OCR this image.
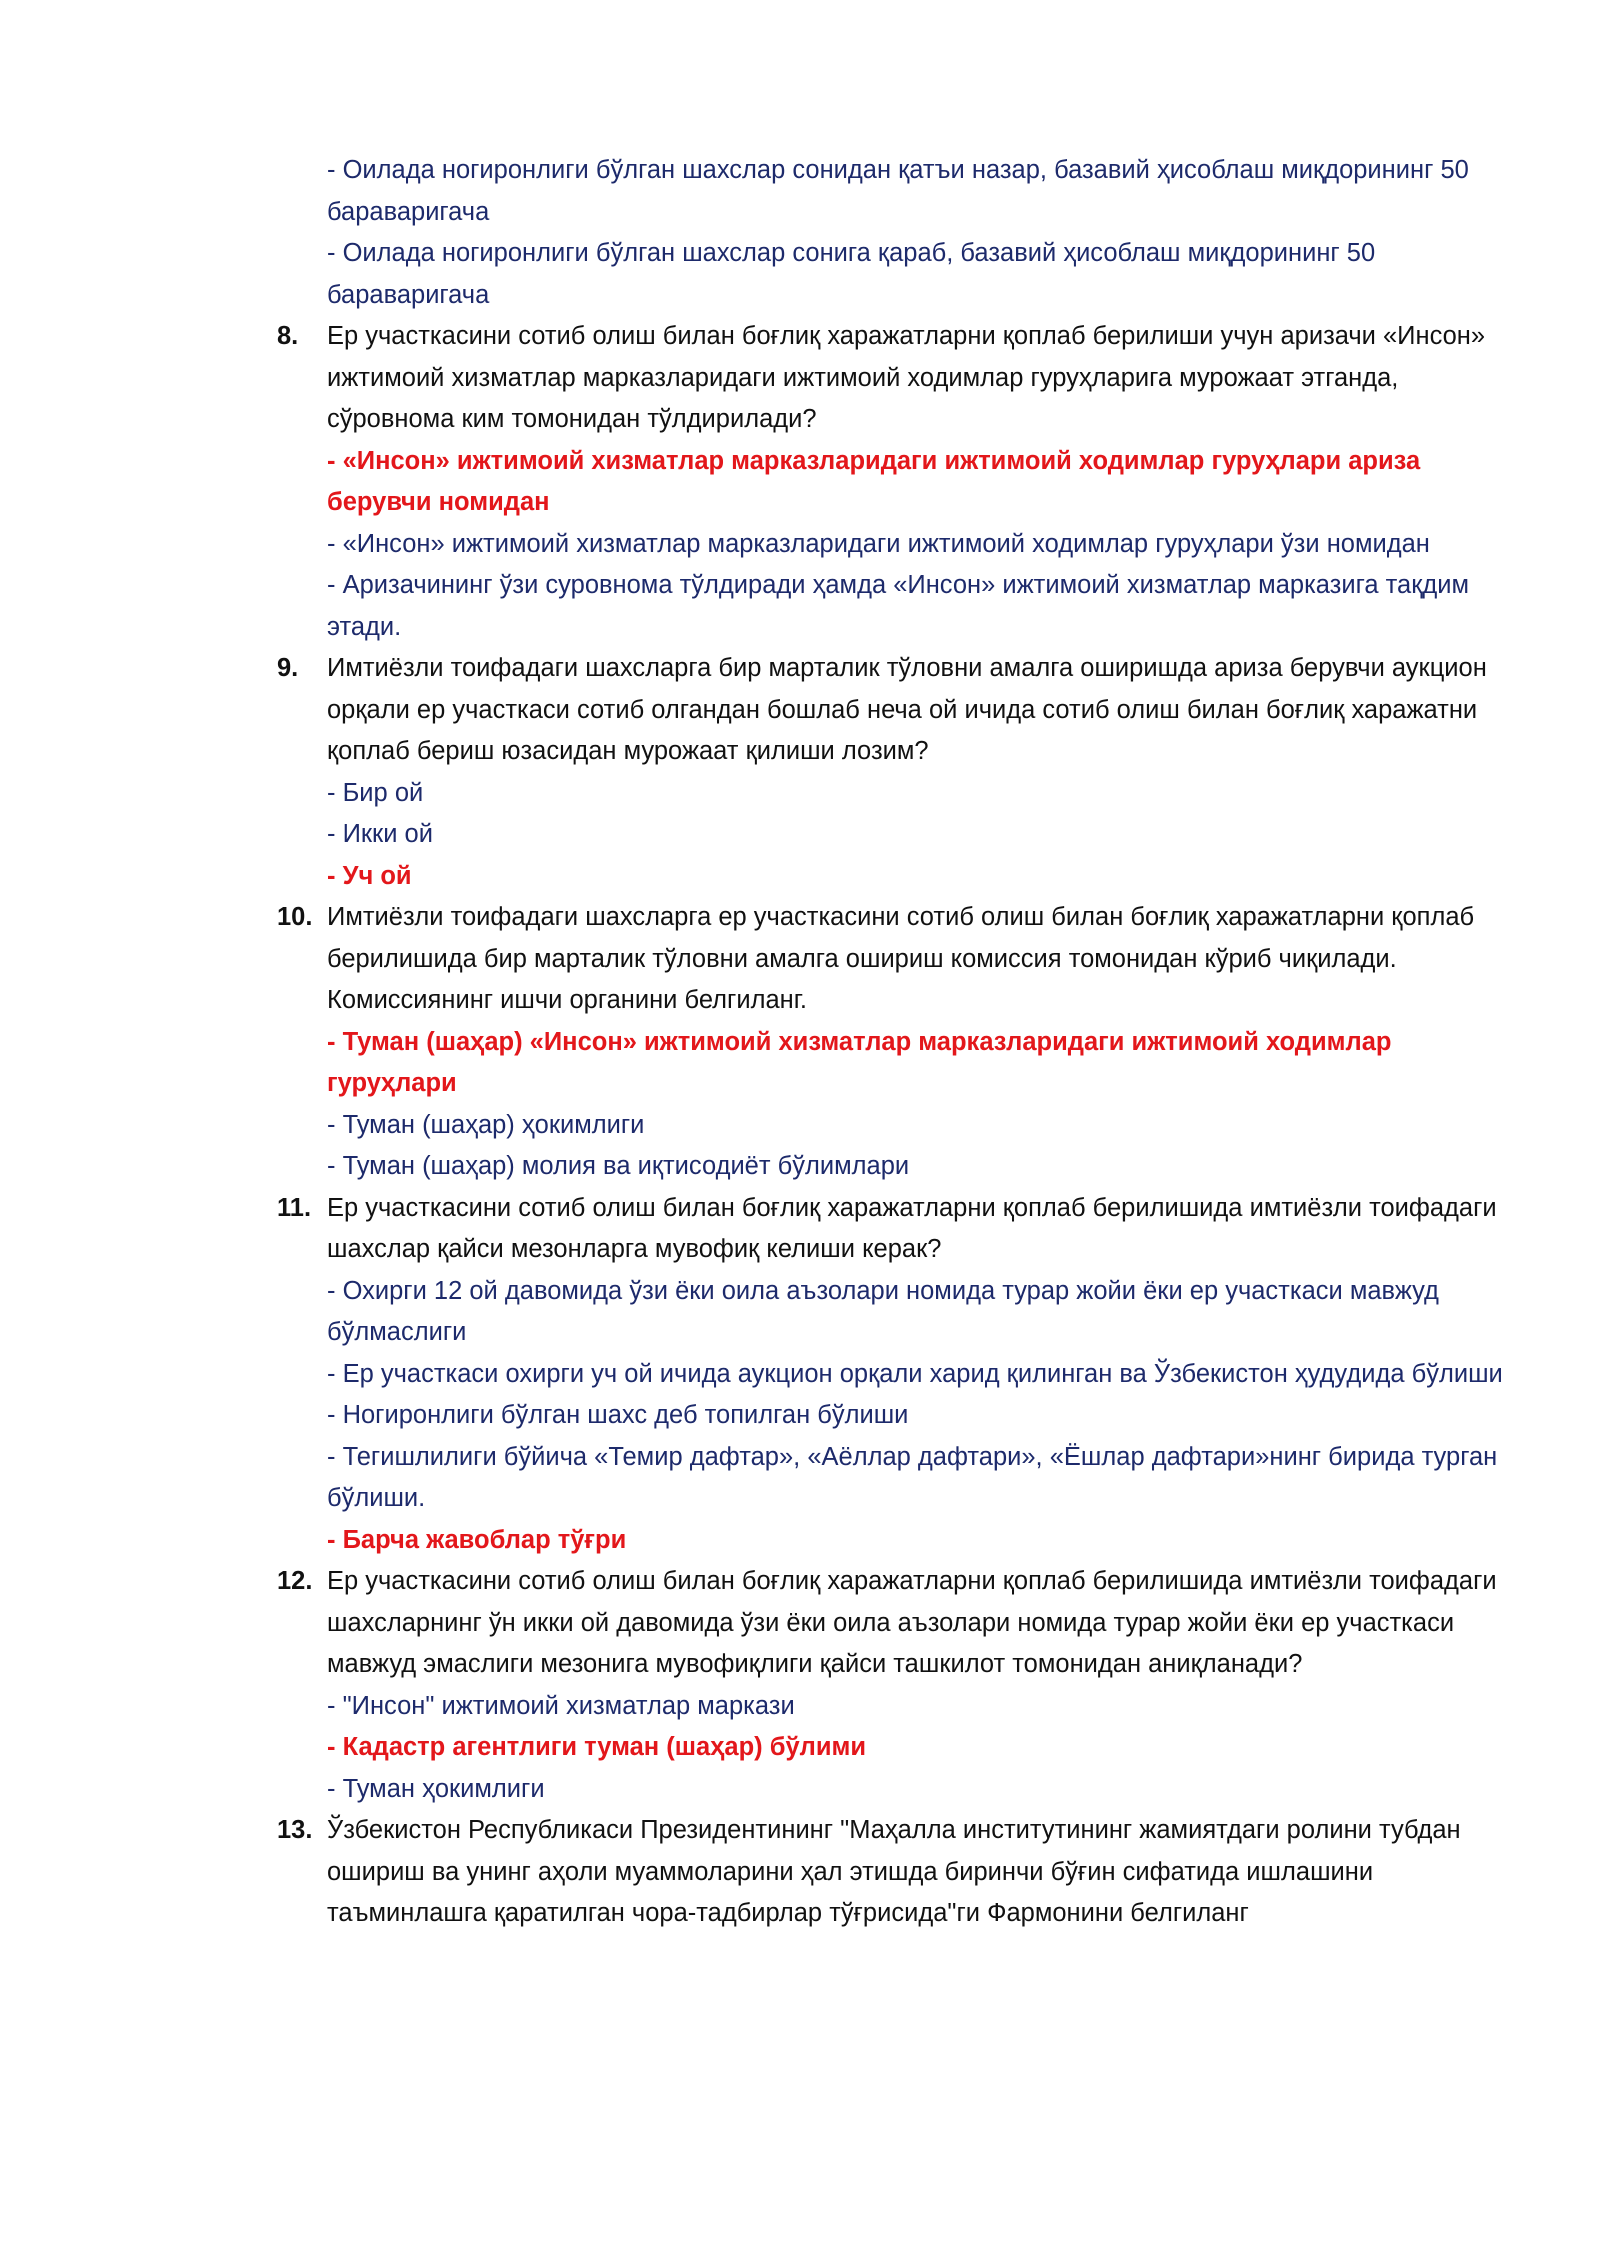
- Оилада ногиронлиги бўлган шахслар сонидан қатъи назар, базавий ҳисоблаш миқдорининг 50 бараваригача
- Оилада ногиронлиги бўлган шахслар сонига қараб, базавий ҳисоблаш миқдорининг 50 бараваригача
8. Ер участкасини сотиб олиш билан боғлиқ харажатларни қоплаб берилиши учун аризачи «Инсон» ижтимоий хизматлар марказларидаги ижтимоий ходимлар гуруҳларига мурожаат этганда, сўровнома ким томонидан тўлдирилади?
- «Инсон» ижтимоий хизматлар марказларидаги ижтимоий ходимлар гуруҳлари ариза берувчи номидан
- «Инсон» ижтимоий хизматлар марказларидаги ижтимоий ходимлар гуруҳлари ўзи номидан
- Аризачининг ўзи суровнома тўлдиради ҳамда «Инсон» ижтимоий хизматлар марказига тақдим этади.
9. Имтиёзли тоифадаги шахсларга бир марталик тўловни амалга оширишда ариза берувчи аукцион орқали ер участкаси сотиб олгандан бошлаб неча ой ичида сотиб олиш билан боғлиқ харажатни қоплаб бериш юзасидан мурожаат қилиши лозим?
- Бир ой
- Икки ой
- Уч ой
10. Имтиёзли тоифадаги шахсларга ер участкасини сотиб олиш билан боғлиқ харажатларни қоплаб берилишида бир марталик тўловни амалга ошириш комиссия томонидан кўриб чиқилади.
Комиссиянинг ишчи органини белгиланг.
- Туман (шаҳар) «Инсон» ижтимоий хизматлар марказларидаги ижтимоий ходимлар гуруҳлари
- Туман (шаҳар) ҳокимлиги
- Туман (шаҳар) молия ва иқтисодиёт бўлимлари
11. Ер участкасини сотиб олиш билан боғлиқ харажатларни қоплаб берилишида имтиёзли тоифадаги шахслар қайси мезонларга мувофиқ келиши керак?
- Охирги 12 ой давомида ўзи ёки оила аъзолари номида турар жойи ёки ер участкаси мавжуд бўлмаслиги
- Ер участкаси охирги уч ой ичида аукцион орқали харид қилинган ва Ўзбекистон ҳудудида бўлиши
- Ногиронлиги бўлган шахс деб топилган бўлиши
- Тегишлилиги бўйича «Темир дафтар», «Аёллар дафтари», «Ёшлар дафтари»нинг бирида турган бўлиши.
- Барча жавоблар тўғри
12. Ер участкасини сотиб олиш билан боғлиқ харажатларни қоплаб берилишида имтиёзли тоифадаги шахсларнинг ўн икки ой давомида ўзи ёки оила аъзолари номида турар жойи ёки ер участкаси мавжуд эмаслиги мезонига мувофиқлиги қайси ташкилот томонидан аниқланади?
- "Инсон" ижтимоий хизматлар маркази
- Кадастр агентлиги туман (шаҳар) бўлими
- Туман ҳокимлиги
13. Ўзбекистон Республикаси Президентининг "Маҳалла институтининг жамиятдаги ролини тубдан ошириш ва унинг аҳоли муаммоларини ҳал этишда биринчи бўғин сифатида ишлашини таъминлашга қаратилган чора-тадбирлар тўғрисида"ги Фармонини белгиланг
